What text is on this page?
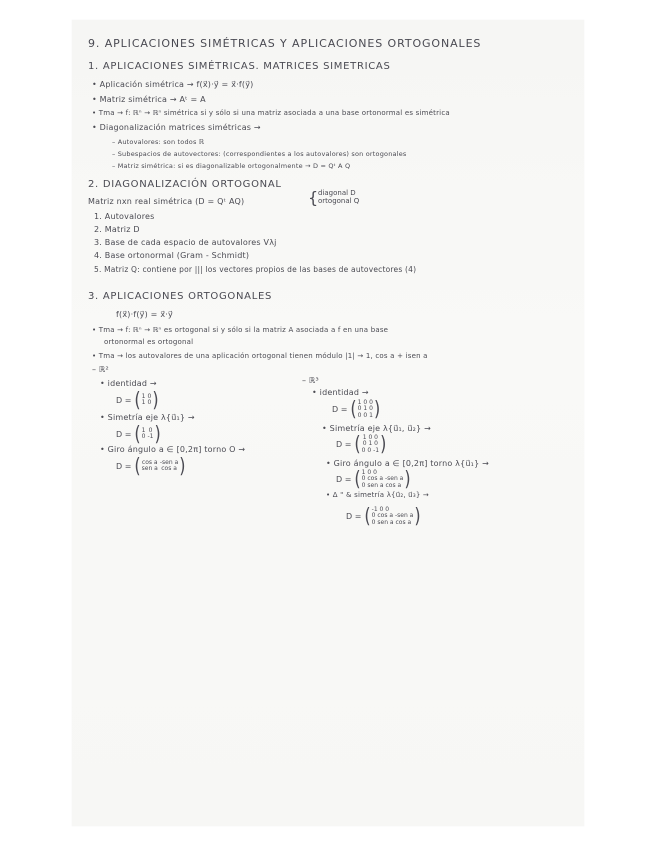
9. APLICACIONES SIMÉTRICAS Y APLICACIONES ORTOGONALES
1. APLICACIONES SIMÉTRICAS. MATRICES SIMETRICAS
• Aplicación simétrica → f(x⃗)·y⃗ = x⃗·f(y⃗)
• Matriz simétrica → Aᵗ = A
• Tma → f: ℝⁿ → ℝⁿ simétrica si y sólo si una matriz asociada a una base ortonormal es simétrica
• Diagonalización matrices simétricas →
– Autovalores: son todos ℝ
– Subespacios de autovectores: (correspondientes a los autovalores) son ortogonales
– Matriz simétrica: si es diagonalizable ortogonalmente → D = Qᵗ A Q
2. DIAGONALIZACIÓN ORTOGONAL
Matriz nxn real simétrica (D = Qᵗ AQ)	{ diagonal D
ortogonal Q
1. Autovalores
2. Matriz D
3. Base de cada espacio de autovalores Vλj
4. Base ortonormal (Gram - Schmidt)
5. Matriz Q: contiene por ||| los vectores propios de las bases de autovectores (4)
3. APLICACIONES ORTOGONALES
f(x⃗)·f(y⃗) = x⃗·y⃗
• Tma → f: ℝⁿ → ℝⁿ es ortogonal si y sólo si la matriz A asociada a f en una base
ortonormal es ortogonal
• Tma → los autovalores de una aplicación ortogonal tienen módulo |1| → 1, cos a + isen a
– ℝ²
• identidad →
D = ( 1
1
0
0 )
• Simetría eje λ{u⃗₁} →
D = ( 1
0
0
-1 )
• Giro ángulo a ∈ [0,2π] torno O →
D = ( cos a
sen a
-sen a
cos a )
– ℝ³
• identidad →
D = ( 1 0 0
0 1 0
0 0 1 )
• Simetría eje λ{u⃗₁, u⃗₂} →
D = ( 1 0 0
0 1 0
0 0 -1 )
• Giro ángulo a ∈ [0,2π] torno λ{u⃗₁} →
D = ( 1 0 0
0 cos a -sen a
0 sen a cos a )
• Δ " & simetría λ{u⃗₂, u⃗₃} →
D = ( -1 0 0
0 cos a -sen a
0 sen a cos a )
